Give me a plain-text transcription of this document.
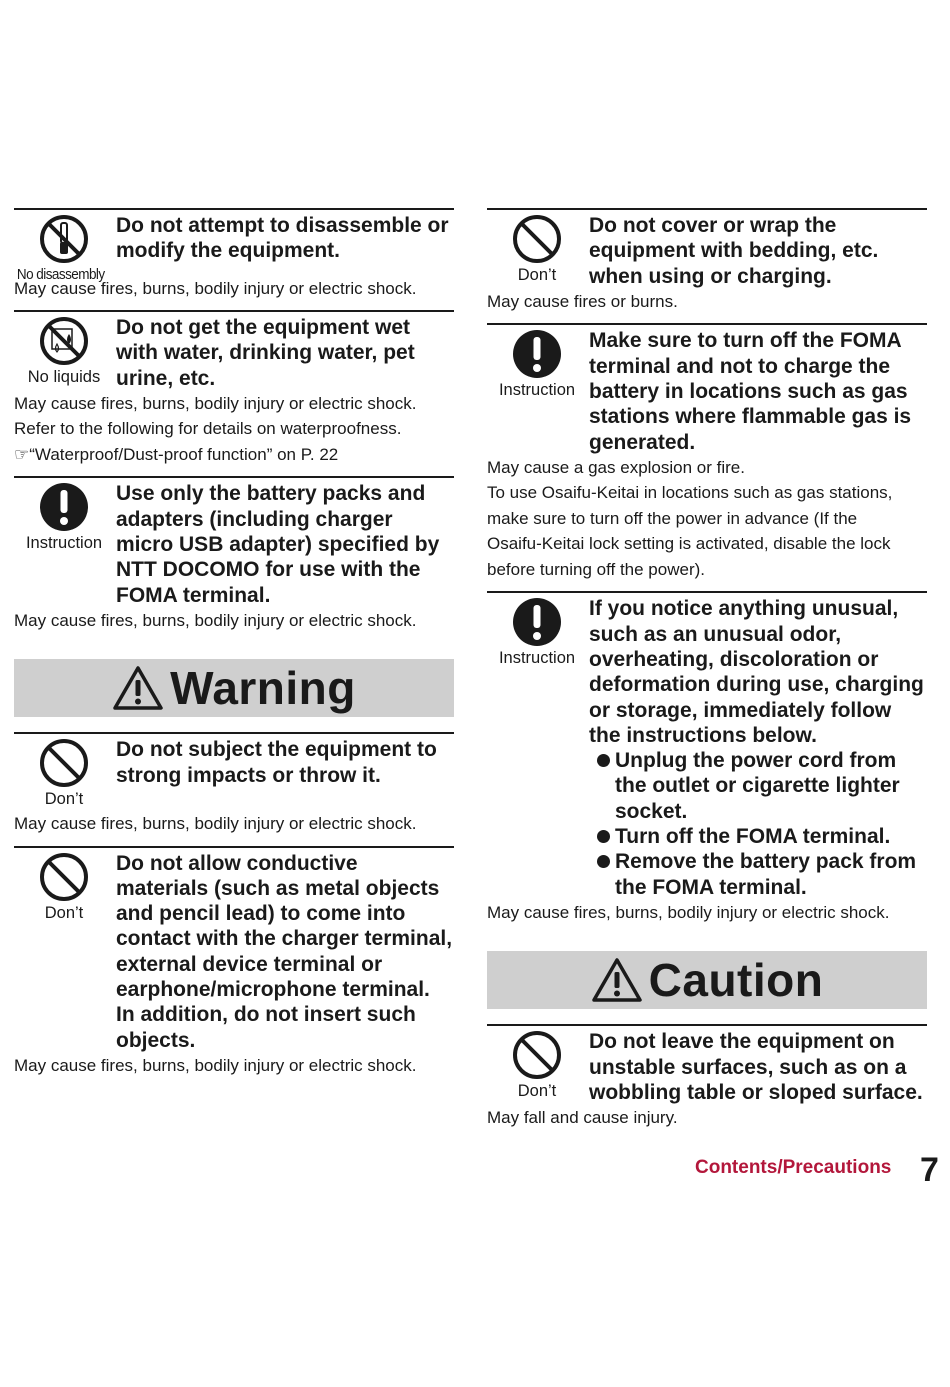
No disassembly
Do not attempt to disassemble or modify the equipment.

May cause fires, burns, bodily injury or electric shock.

No liquids
Do not get the equipment wet with water, drinking water, pet urine, etc.

May cause fires, burns, bodily injury or electric shock.

Refer to the following for details on waterproofness.

☞“Waterproof/Dust-proof function” on P. 22

Instruction
Use only the battery packs and adapters (including charger micro USB adapter) specified by NTT DOCOMO for use with the FOMA terminal.

May cause fires, burns, bodily injury or electric shock.

Warning
Don’t
Do not subject the equipment to strong impacts or throw it.

May cause fires, burns, bodily injury or electric shock.

Don’t
Do not allow conductive materials (such as metal objects and pencil lead) to come into contact with the charger terminal, external device terminal or earphone/microphone terminal. In addition, do not insert such objects.

May cause fires, burns, bodily injury or electric shock.

Don’t
Do not cover or wrap the equipment with bedding, etc. when using or charging.

May cause fires or burns.

Instruction
Make sure to turn off the FOMA terminal and not to charge the battery in locations such as gas stations where flammable gas is generated.

May cause a gas explosion or fire.

To use Osaifu-Keitai in locations such as gas stations,

make sure to turn off the power in advance (If the

Osaifu-Keitai lock setting is activated, disable the lock

before turning off the power).

Instruction
If you notice anything unusual, such as an unusual odor, overheating, discoloration or deformation during use, charging or storage, immediately follow the instructions below.
Unplug the power cord from the outlet or cigarette lighter socket.
Turn off the FOMA terminal.
Remove the battery pack from the FOMA terminal.

May cause fires, burns, bodily injury or electric shock.

Caution
Don’t
Do not leave the equipment on unstable surfaces, such as on a wobbling table or sloped surface.

May fall and cause injury.

Contents/Precautions 7
